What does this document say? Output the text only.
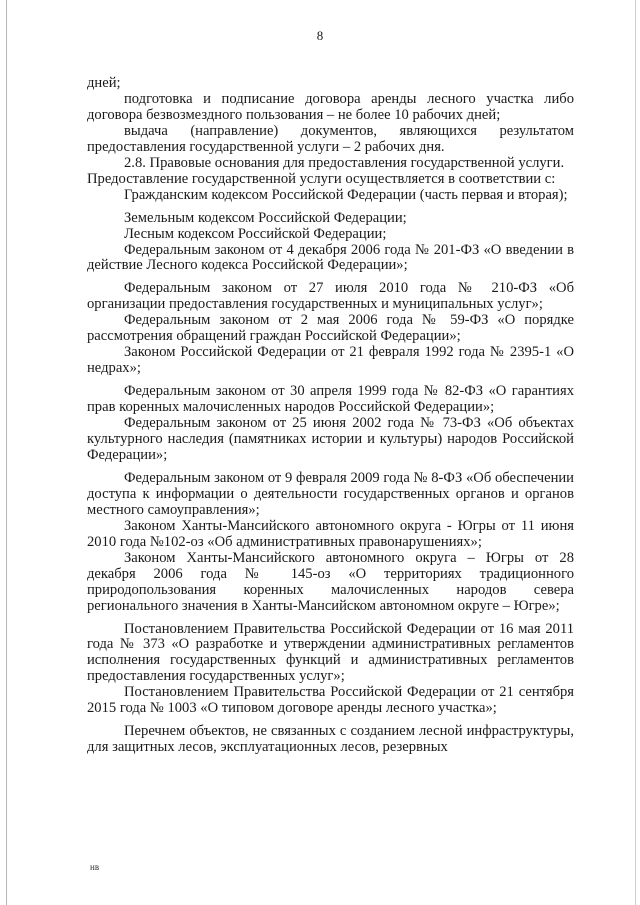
8

дней;

подготовка и подписание договора аренды лесного участка либо договора безвозмездного пользования – не более 10 рабочих дней;

выдача (направление) документов, являющихся результатом предоставления государственной услуги – 2 рабочих дня.

2.8. Правовые основания для предоставления государственной услуги.

Предоставление государственной услуги осуществляется в соответствии с:

Гражданским кодексом Российской Федерации (часть первая и вторая);

Земельным кодексом Российской Федерации;

Лесным кодексом Российской Федерации;

Федеральным законом от 4 декабря 2006 года № 201-ФЗ «О введении в действие Лесного кодекса Российской Федерации»;

Федеральным законом от 27 июля 2010 года № 210-ФЗ «Об организации предоставления государственных и муниципальных услуг»;

Федеральным законом от 2 мая 2006 года № 59-ФЗ «О порядке рассмотрения обращений граждан Российской Федерации»;

Законом Российской Федерации от 21 февраля 1992 года № 2395-1 «О недрах»;

Федеральным законом от 30 апреля 1999 года № 82-ФЗ «О гарантиях прав коренных малочисленных народов Российской Федерации»;

Федеральным законом от 25 июня 2002 года № 73-ФЗ «Об объектах культурного наследия (памятниках истории и культуры) народов Российской Федерации»;

Федеральным законом от 9 февраля 2009 года № 8-ФЗ «Об обеспечении доступа к информации о деятельности государственных органов и органов местного самоуправления»;

Законом Ханты-Мансийского автономного округа - Югры от 11 июня 2010 года №102-оз «Об административных правонарушениях»;

Законом Ханты-Мансийского автономного округа – Югры от 28 декабря 2006 года № 145-оз «О территориях традиционного природопользования коренных малочисленных народов севера регионального значения в Ханты-Мансийском автономном округе – Югре»;

Постановлением Правительства Российской Федерации от 16 мая 2011 года № 373 «О разработке и утверждении административных регламентов исполнения государственных функций и административных регламентов предоставления государственных услуг»;

Постановлением Правительства Российской Федерации от 21 сентября 2015 года № 1003 «О типовом договоре аренды лесного участка»;

Перечнем объектов, не связанных с созданием лесной инфраструктуры, для защитных лесов, эксплуатационных лесов, резервных

нв
